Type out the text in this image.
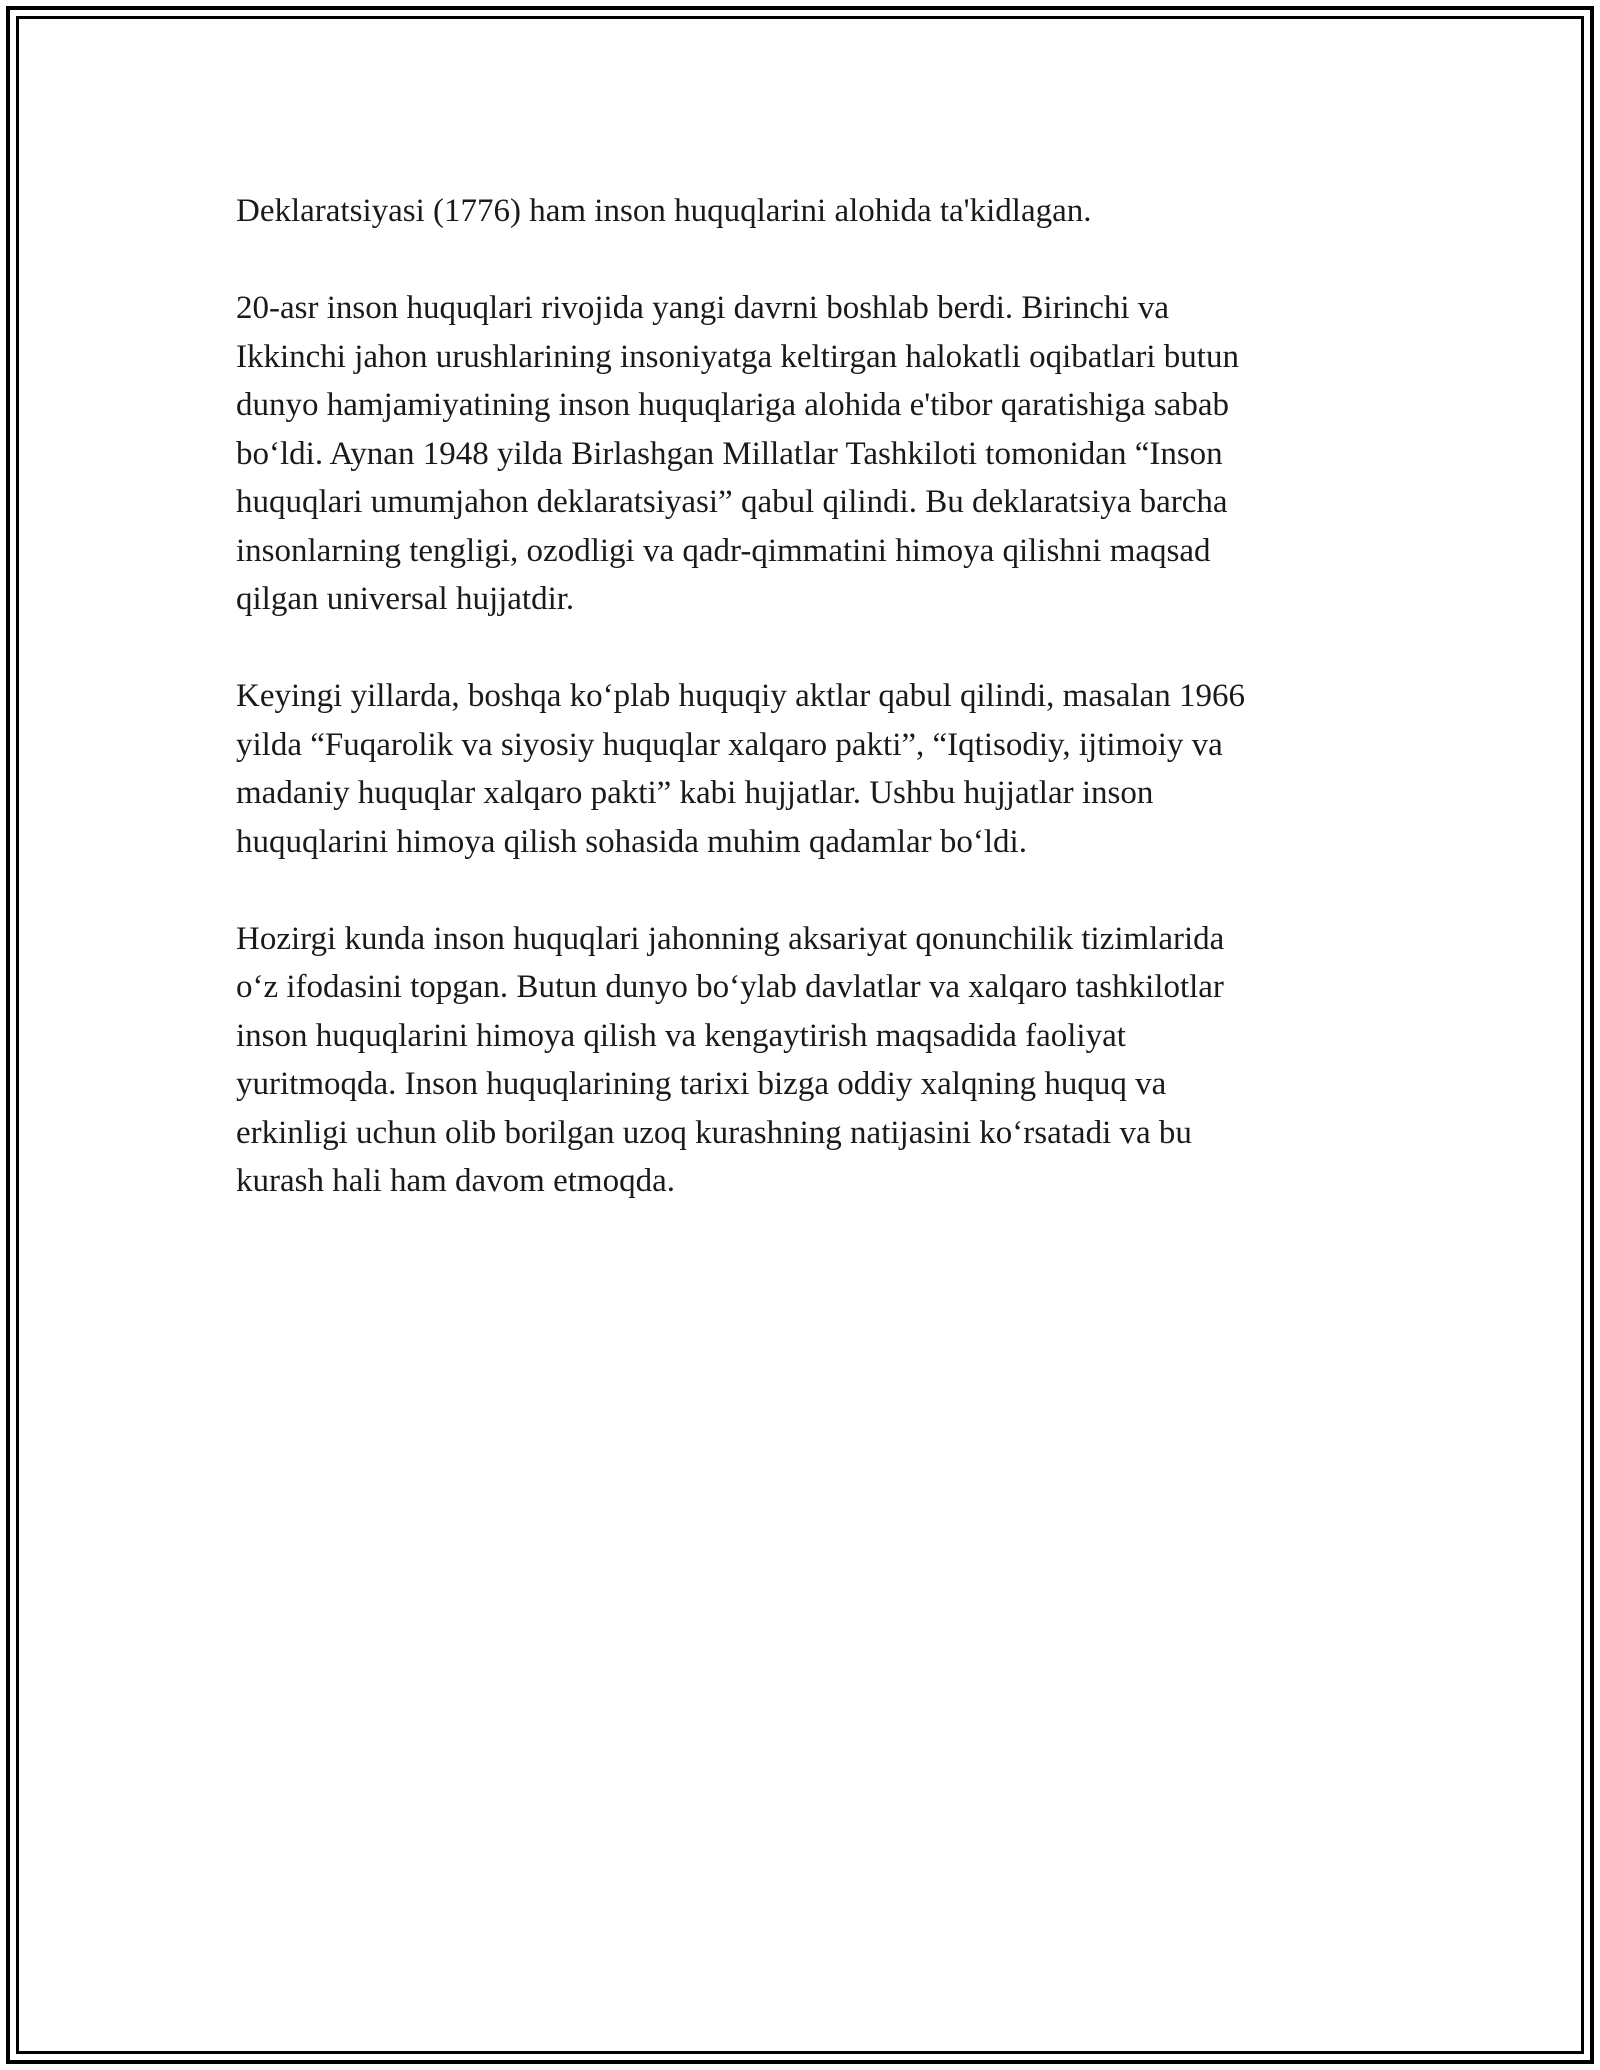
Deklaratsiyasi (1776) ham inson huquqlarini alohida ta'kidlagan.

20-asr inson huquqlari rivojida yangi davrni boshlab berdi. Birinchi va
Ikkinchi jahon urushlarining insoniyatga keltirgan halokatli oqibatlari butun
dunyo hamjamiyatining inson huquqlariga alohida e'tibor qaratishiga sabab
bo‘ldi. Aynan 1948 yilda Birlashgan Millatlar Tashkiloti tomonidan “Inson
huquqlari umumjahon deklaratsiyasi” qabul qilindi. Bu deklaratsiya barcha
insonlarning tengligi, ozodligi va qadr-qimmatini himoya qilishni maqsad
qilgan universal hujjatdir.

Keyingi yillarda, boshqa ko‘plab huquqiy aktlar qabul qilindi, masalan 1966
yilda “Fuqarolik va siyosiy huquqlar xalqaro pakti”, “Iqtisodiy, ijtimoiy va
madaniy huquqlar xalqaro pakti” kabi hujjatlar. Ushbu hujjatlar inson
huquqlarini himoya qilish sohasida muhim qadamlar bo‘ldi.

Hozirgi kunda inson huquqlari jahonning aksariyat qonunchilik tizimlarida
o‘z ifodasini topgan. Butun dunyo bo‘ylab davlatlar va xalqaro tashkilotlar
inson huquqlarini himoya qilish va kengaytirish maqsadida faoliyat
yuritmoqda. Inson huquqlarining tarixi bizga oddiy xalqning huquq va
erkinligi uchun olib borilgan uzoq kurashning natijasini ko‘rsatadi va bu
kurash hali ham davom etmoqda.
